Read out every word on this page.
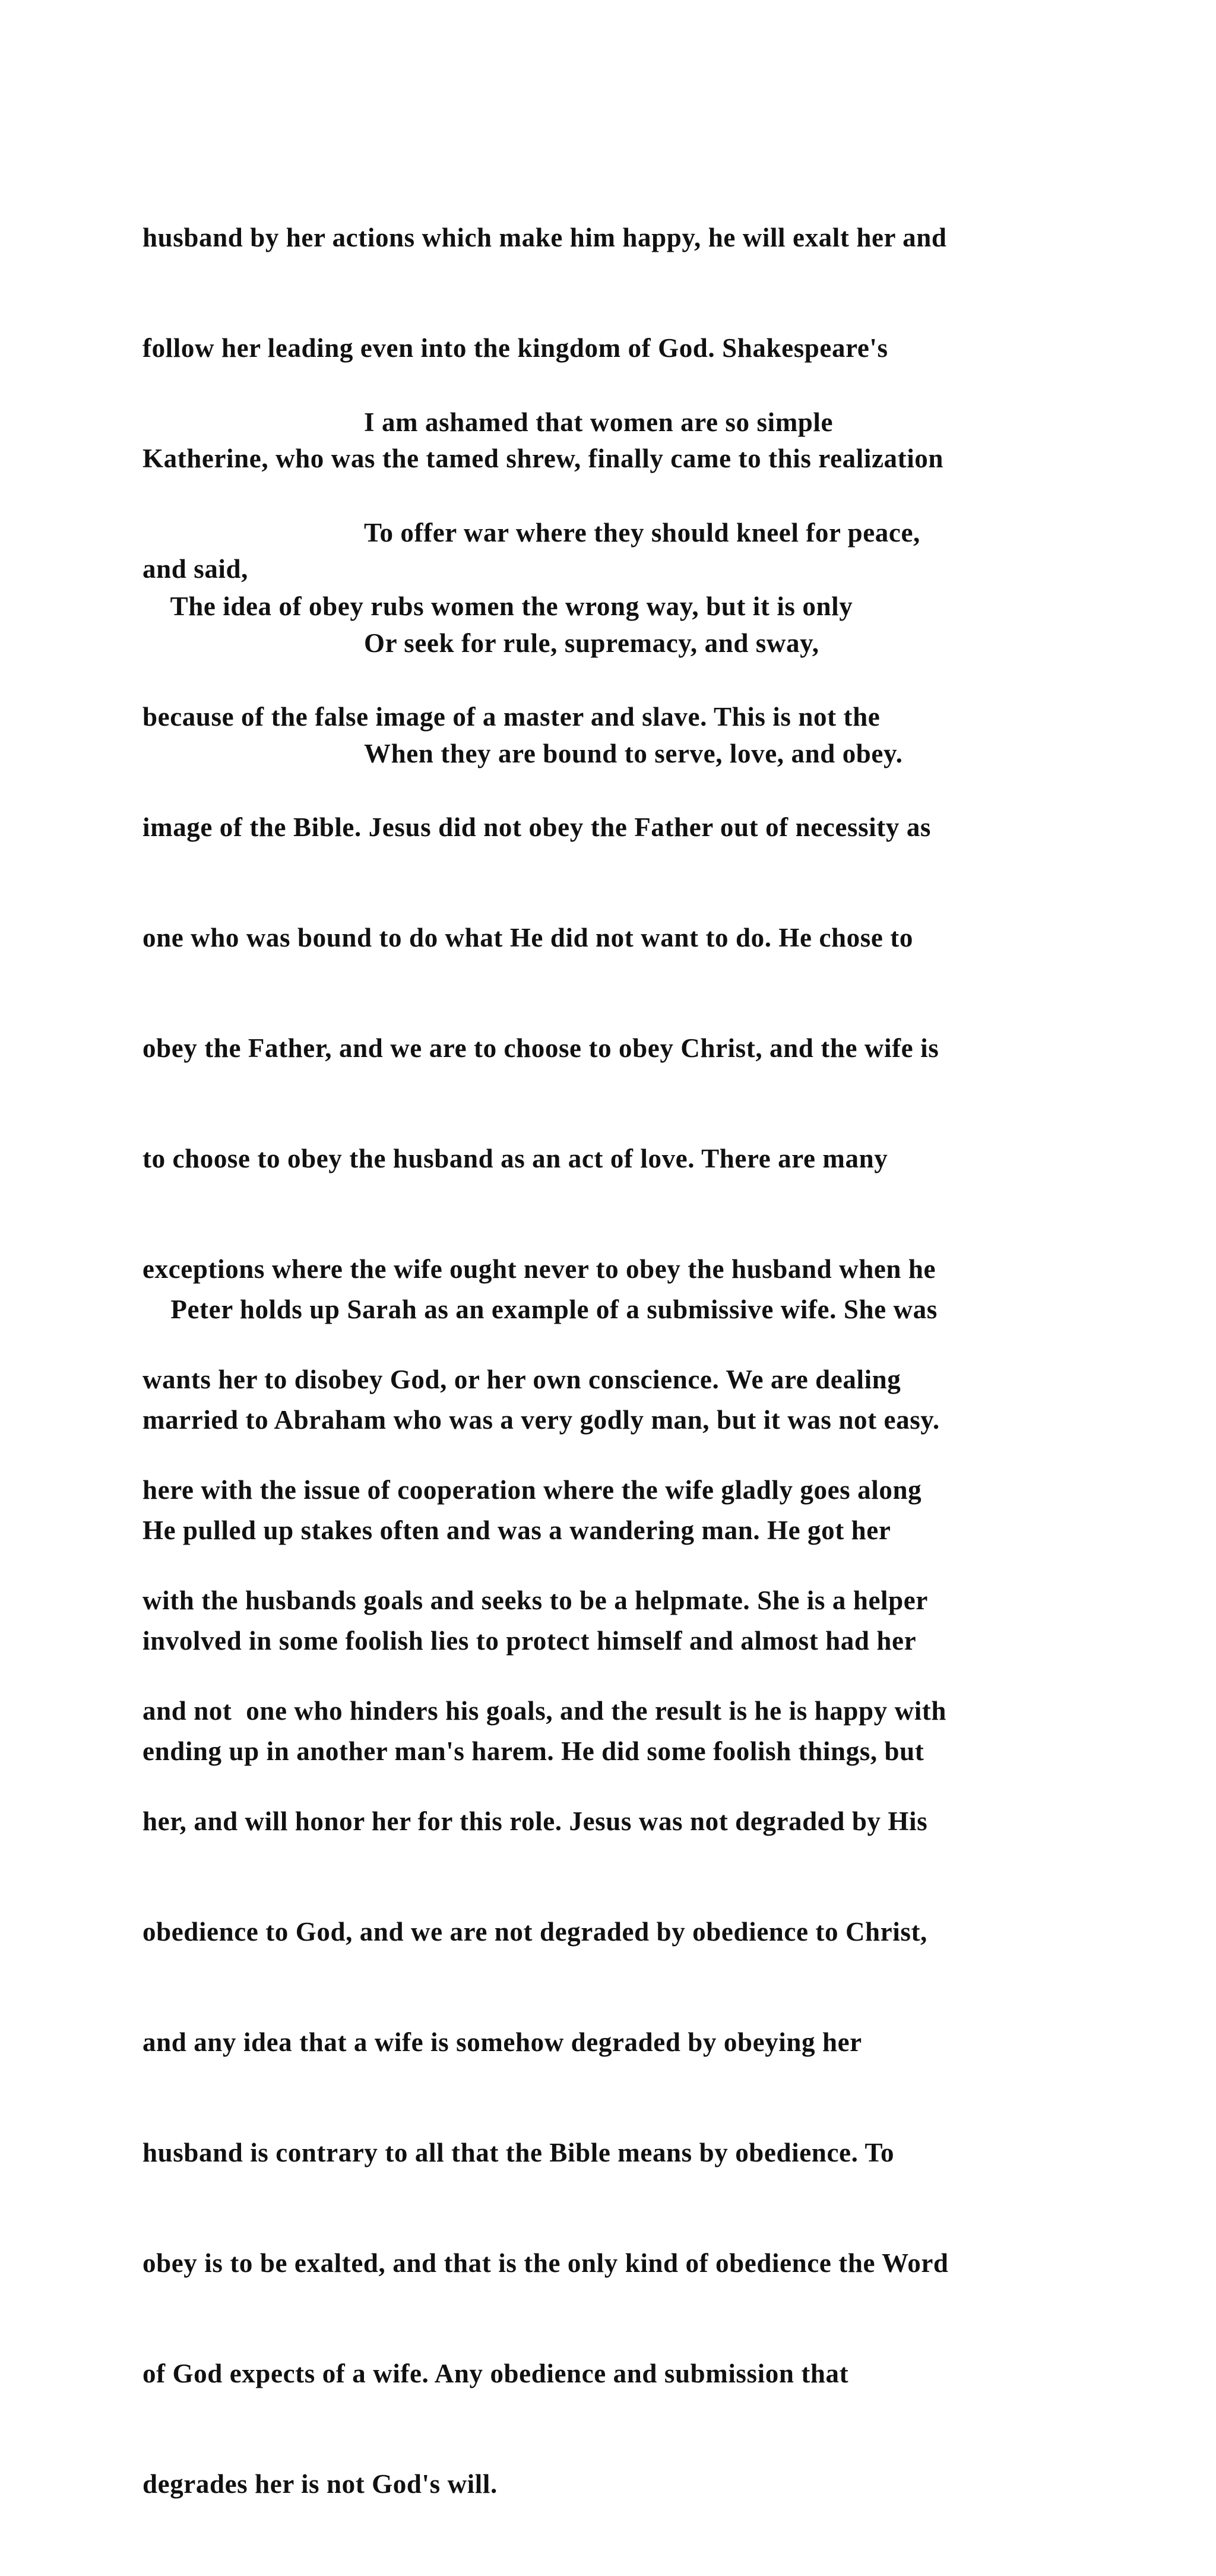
husband by her actions which make him happy, he will exalt her and

follow her leading even into the kingdom of God. Shakespeare's

Katherine, who was the tamed shrew, finally came to this realization

and said,

I am ashamed that women are so simple

To offer war where they should kneel for peace,

Or seek for rule, supremacy, and sway,

When they are bound to serve, love, and obey.

The idea of obey rubs women the wrong way, but it is only

because of the false image of a master and slave. This is not the

image of the Bible. Jesus did not obey the Father out of necessity as

one who was bound to do what He did not want to do. He chose to

obey the Father, and we are to choose to obey Christ, and the wife is

to choose to obey the husband as an act of love. There are many

exceptions where the wife ought never to obey the husband when he

wants her to disobey God, or her own conscience. We are dealing

here with the issue of cooperation where the wife gladly goes along

with the husbands goals and seeks to be a helpmate. She is a helper

and not  one who hinders his goals, and the result is he is happy with

her, and will honor her for this role. Jesus was not degraded by His

obedience to God, and we are not degraded by obedience to Christ,

and any idea that a wife is somehow degraded by obeying her

husband is contrary to all that the Bible means by obedience. To

obey is to be exalted, and that is the only kind of obedience the Word

of God expects of a wife. Any obedience and submission that

degrades her is not God's will.

Peter holds up Sarah as an example of a submissive wife. She was

married to Abraham who was a very godly man, but it was not easy.

He pulled up stakes often and was a wandering man. He got her

involved in some foolish lies to protect himself and almost had her

ending up in another man's harem. He did some foolish things, but
